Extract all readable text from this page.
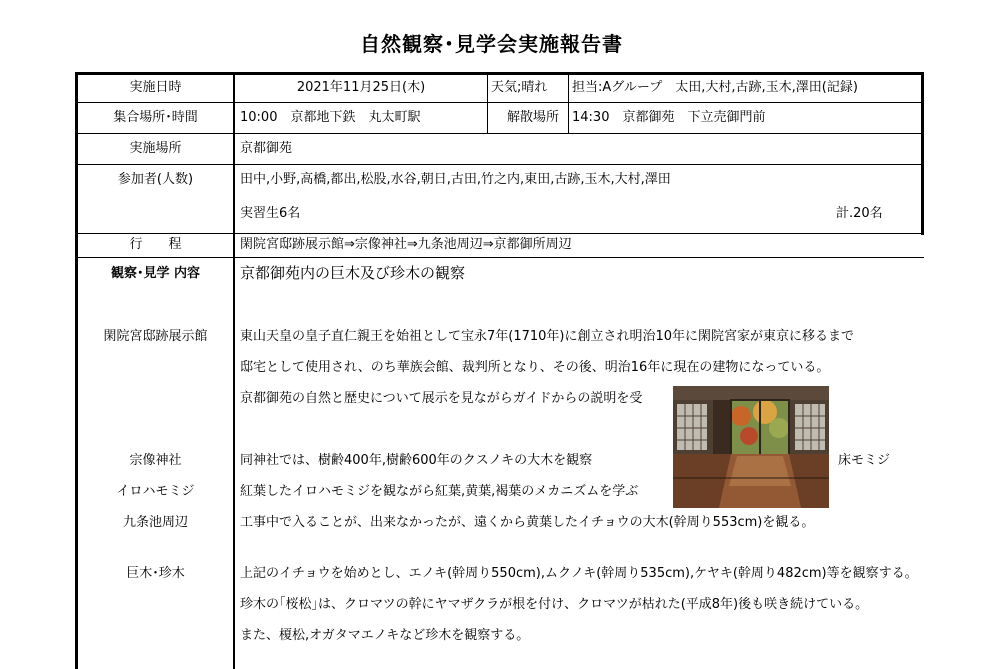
自然観察･見学会実施報告書
実施日時	2021年11月25日(木)	天気;晴れ 担当:Aグループ　太田,大村,古跡,玉木,澤田(記録)
集合場所･時間	10:00　京都地下鉄　丸太町駅	解散場所 14:30　京都御苑　下立売御門前
実施場所	京都御苑
参加者(人数)	田中,小野,高橋,都出,松股,水谷,朝日,古田,竹之内,東田,古跡,玉木,大村,澤田
実習生6名	計.20名
行　　程	閑院宮邸跡展示館⇒宗像神社⇒九条池周辺⇒京都御所周辺
観察･見学 内容	京都御苑内の巨木及び珍木の観察
閑院宮邸跡展示館	東山天皇の皇子直仁親王を始祖として宝永7年(1710年)に創立され明治10年に閑院宮家が東京に移るまで
邸宅として使用され、のち華族会館、裁判所となり、その後、明治16年に現在の建物になっている。
京都御苑の自然と歴史について展示を見ながらガイドからの説明を受
床モミジ
宗像神社	同神社では、樹齢400年,樹齢600年のクスノキの大木を観察
イロハモミジ	紅葉したイロハモミジを観ながら紅葉,黄葉,褐葉のメカニズムを学ぶ
九条池周辺	工事中で入ることが、出来なかったが、遠くから黄葉したイチョウの大木(幹周り553cm)を観る。
巨木･珍木	上記のイチョウを始めとし、エノキ(幹周り550cm),ムクノキ(幹周り535cm),ケヤキ(幹周り482cm)等を観察する。
珍木の｢桜松｣は、クロマツの幹にヤマザクラが根を付け、クロマツが枯れた(平成8年)後も咲き続けている。
また、榎松,オガタマエノキなど珍木を観察する。
